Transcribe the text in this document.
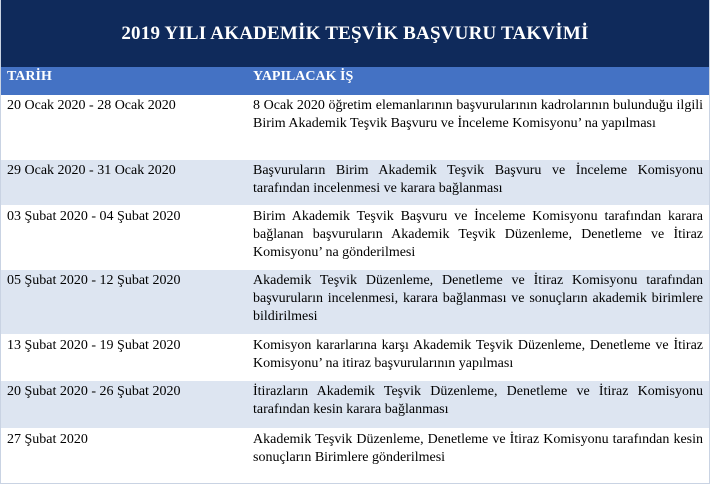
2019 YILI AKADEMİK TEŞVİK BAŞVURU TAKVİMİ
TARİH	YAPILACAK İŞ
20 Ocak 2020 - 28 Ocak 2020	8 Ocak 2020 öğretim elemanlarının başvurularının kadrolarının bulunduğu ilgili Birim Akademik Teşvik Başvuru ve İnceleme Komisyonu’ na yapılması
29 Ocak 2020 - 31 Ocak 2020	Başvuruların Birim Akademik Teşvik Başvuru ve İnceleme Komisyonu tarafından incelenmesi ve karara bağlanması
03 Şubat 2020 - 04 Şubat 2020	Birim Akademik Teşvik Başvuru ve İnceleme Komisyonu tarafından karara bağlanan başvuruların Akademik Teşvik Düzenleme, Denetleme ve İtiraz Komisyonu’ na gönderilmesi
05 Şubat 2020 - 12 Şubat 2020	Akademik Teşvik Düzenleme, Denetleme ve İtiraz Komisyonu tarafından başvuruların incelenmesi, karara bağlanması ve sonuçların akademik birimlere bildirilmesi
13 Şubat 2020 - 19 Şubat 2020	Komisyon kararlarına karşı Akademik Teşvik Düzenleme, Denetleme ve İtiraz Komisyonu’ na itiraz başvurularının yapılması
20 Şubat 2020 - 26 Şubat 2020	İtirazların Akademik Teşvik Düzenleme, Denetleme ve İtiraz Komisyonu tarafından kesin karara bağlanması
27 Şubat 2020	Akademik Teşvik Düzenleme, Denetleme ve İtiraz Komisyonu tarafından kesin sonuçların Birimlere gönderilmesi
